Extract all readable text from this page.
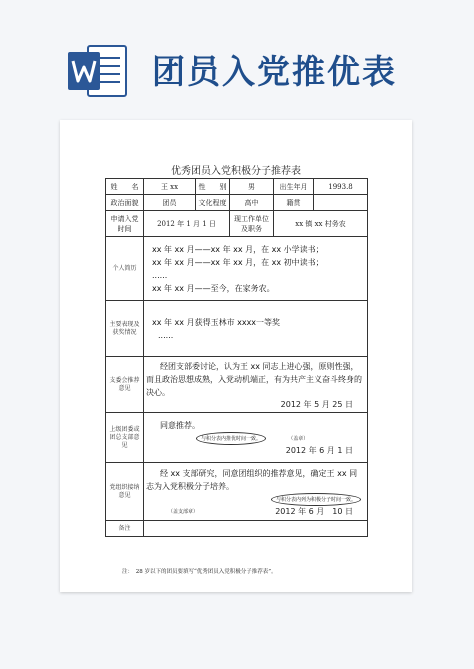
团员入党推优表
优秀团员入党积极分子推荐表
姓　　名	王 xx	性　　别	男	出生年月	1993.8
政治面貌	团员	文化程度	高中	籍贯	
申请入党时间	2012 年 1 月 1 日		现工作单位及职务	xx 镇 xx 村务农	
个人简历	xx 年 xx 月——xx 年 xx 月，在 xx 小学读书；
xx 年 xx 月——xx 年 xx 月，在 xx 初中读书；
......
xx 年 xx 月——至今，在家务农。				

主要表现及获奖情况	xx 年 xx 月获得玉林市 xxxx一等奖
......				

支委会推荐意见	经团支部委讨论，认为王 xx 同志上进心强，原则性强，而且政治思想成熟，入党动机端正，有为共产主义奋斗终身的决心。
2012 年 5 月 25 日				

上级团委或团总支部意见	同意推荐。
与积分表内推优时间一致。 （盖章）
2012 年 6 月 1 日				

党组织接纳意见	经 xx 支部研究，同意团组织的推荐意见，确定王 xx 同志为入党积极分子培养。
与积分表内列为积极分子时间一致。
（盖支部章） 2012 年 6 月　10 日				

备注					
注：　28 岁以下的团员要填写“优秀团员入党积极分子推荐表”。
